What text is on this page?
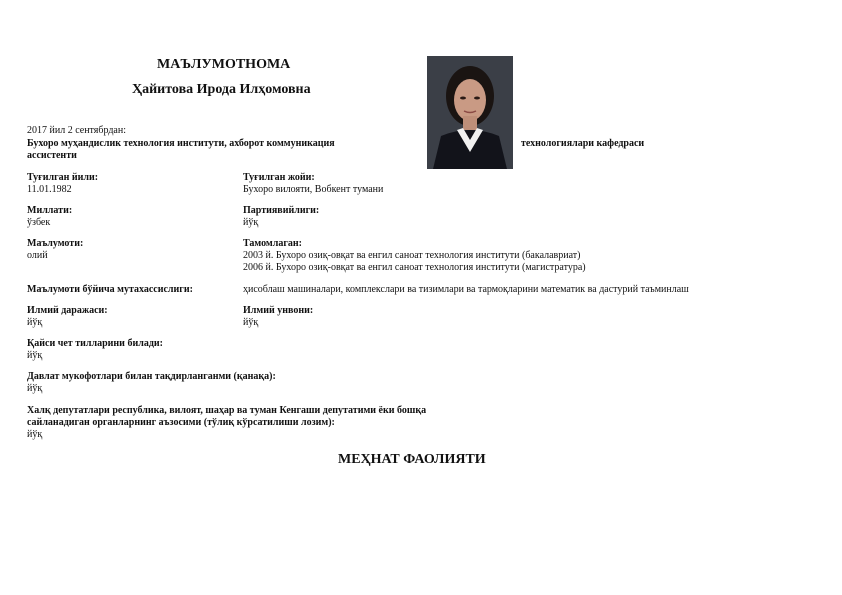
МАЪЛУМОТНОМА
Ҳайитова Ирода Илҳомовна
2017 йил 2 сентябрдан:
Бухоро муҳандислик технология институти, ахборот коммуникация	технологиялари кафедраси
ассистенти
Туғилган йили:
11.01.1982
Туғилган жойи:
Бухоро вилояти, Вобкент тумани
Миллати:
ўзбек
Партиявийлиги:
йўқ
Маълумоти:
олий
Тамомлаган:
2003 й. Бухоро озиқ-овқат ва енгил саноат технология институти (бакалавриат)
2006 й. Бухоро озиқ-овқат ва енгил саноат технология институти (магистратура)
Маълумоти бўйича мутахассислиги:	ҳисоблаш машиналари, комплекслари ва тизимлари ва тармоқларини математик ва дастурий таъминлаш
Илмий даражаси:
йўқ
Илмий унвони:
йўқ
Қайси чет тилларини билади:
йўқ
Давлат мукофотлари билан тақдирланганми (қанақа):
йўқ
Халқ депутатлари республика, вилоят, шаҳар ва туман Кенгаши депутатими ёки бошқа
сайланадиган органларнинг аъзосими (тўлиқ кўрсатилиши лозим):
йўқ
МЕҲНАТ ФАОЛИЯТИ
